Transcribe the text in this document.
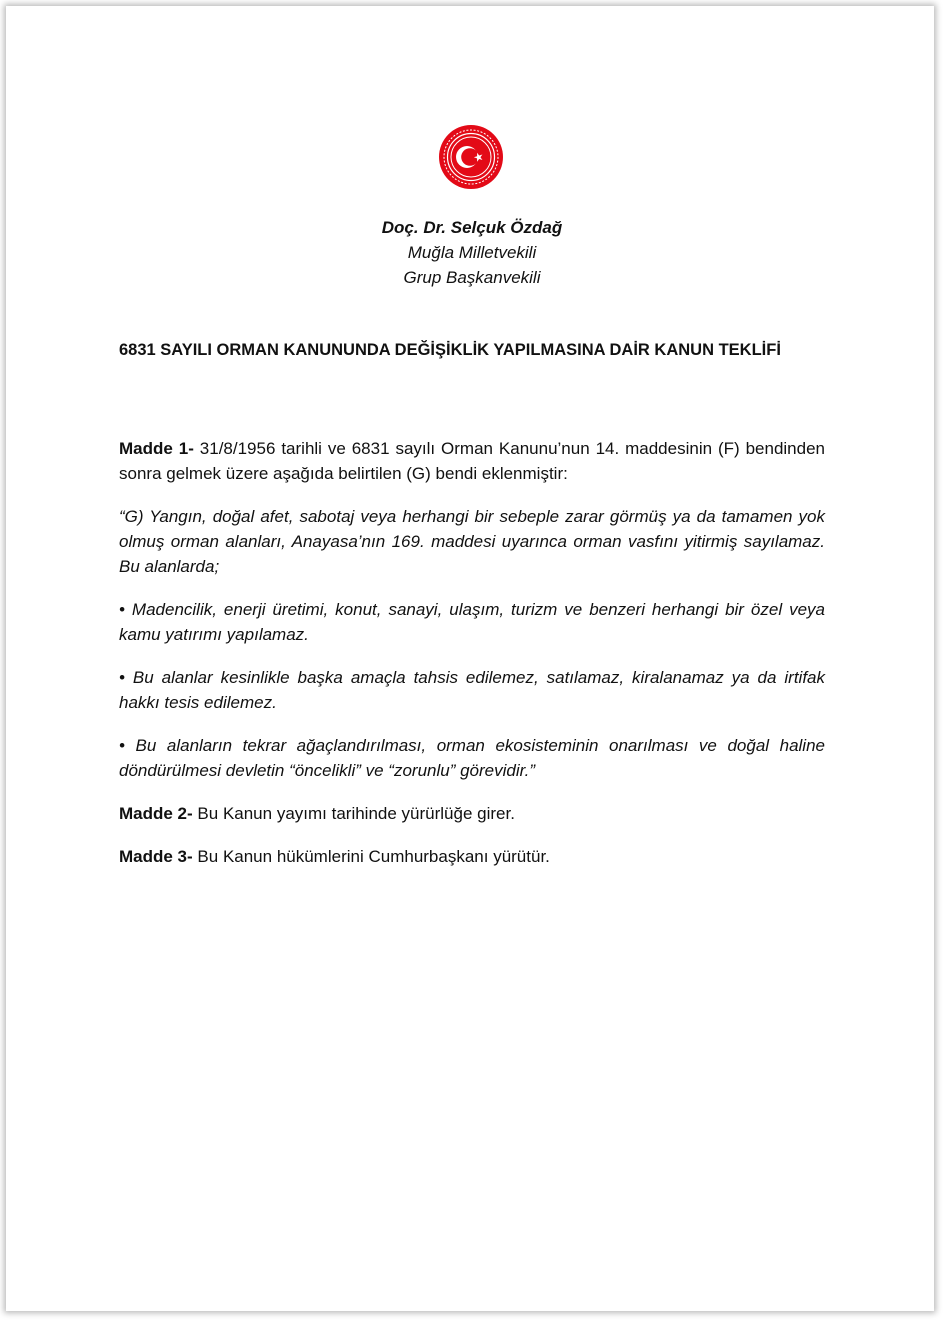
Doç. Dr. Selçuk Özdağ
Muğla Milletvekili
Grup Başkanvekili
6831 SAYILI ORMAN KANUNUNDA DEĞİŞİKLİK YAPILMASINA DAİR KANUN TEKLİFİ

Madde 1- 31/8/1956 tarihli ve 6831 sayılı Orman Kanunu’nun 14. maddesinin (F) bendinden sonra gelmek üzere aşağıda belirtilen (G) bendi eklenmiştir:

“G) Yangın, doğal afet, sabotaj veya herhangi bir sebeple zarar görmüş ya da tamamen yok olmuş orman alanları, Anayasa’nın 169. maddesi uyarınca orman vasfını yitirmiş sayılamaz. Bu alanlarda;

• Madencilik, enerji üretimi, konut, sanayi, ulaşım, turizm ve benzeri herhangi bir özel veya kamu yatırımı yapılamaz.

• Bu alanlar kesinlikle başka amaçla tahsis edilemez, satılamaz, kiralanamaz ya da irtifak hakkı tesis edilemez.

• Bu alanların tekrar ağaçlandırılması, orman ekosisteminin onarılması ve doğal haline döndürülmesi devletin “öncelikli” ve “zorunlu” görevidir.”

Madde 2- Bu Kanun yayımı tarihinde yürürlüğe girer.

Madde 3- Bu Kanun hükümlerini Cumhurbaşkanı yürütür.
